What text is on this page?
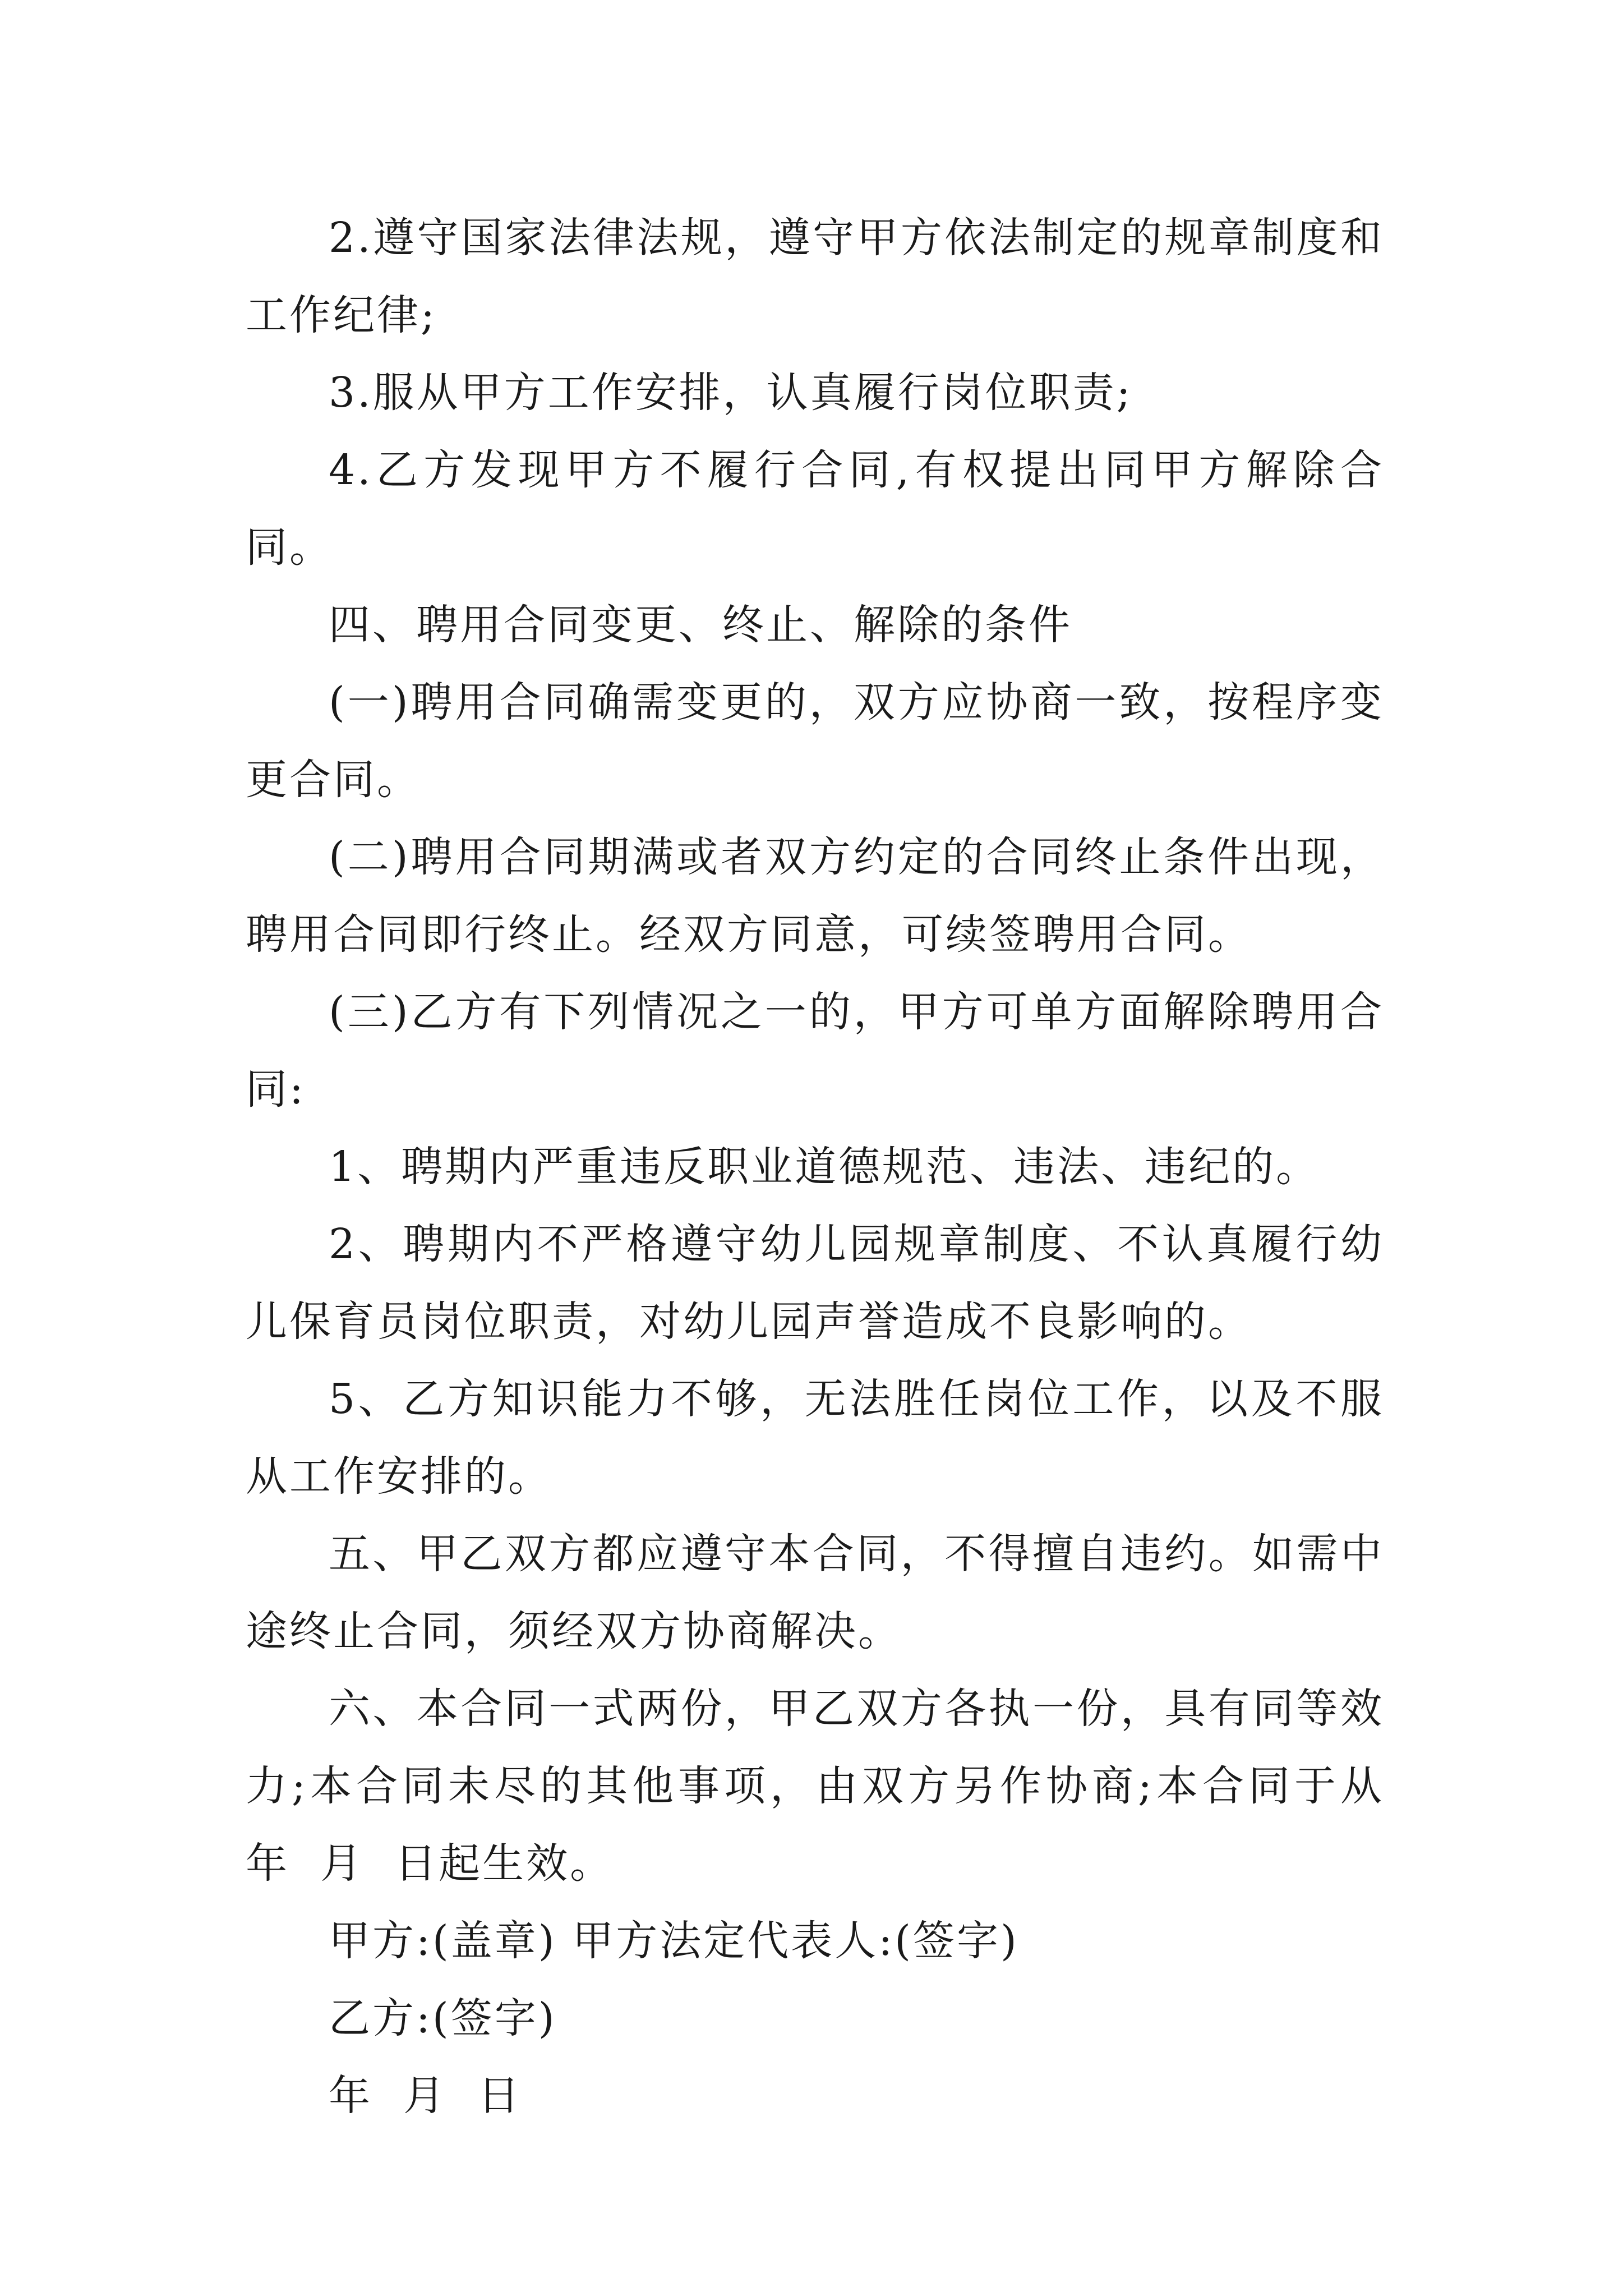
2.遵守国家法律法规，遵守甲方依法制定的规章制度和工作纪律;

3.服从甲方工作安排，认真履行岗位职责;

4.乙方发现甲方不履行合同,有权提出同甲方解除合同。

四、聘用合同变更、终止、解除的条件

(一)聘用合同确需变更的，双方应协商一致，按程序变更合同。

(二)聘用合同期满或者双方约定的合同终止条件出现，聘用合同即行终止。经双方同意，可续签聘用合同。

(三)乙方有下列情况之一的，甲方可单方面解除聘用合同:

1、聘期内严重违反职业道德规范、违法、违纪的。

2、聘期内不严格遵守幼儿园规章制度、不认真履行幼儿保育员岗位职责，对幼儿园声誉造成不良影响的。

5、乙方知识能力不够，无法胜任岗位工作，以及不服从工作安排的。

五、甲乙双方都应遵守本合同，不得擅自违约。如需中途终止合同，须经双方协商解决。

六、本合同一式两份，甲乙双方各执一份，具有同等效力;本合同未尽的其他事项，由双方另作协商;本合同于从 年  月  日起生效。

甲方:(盖章) 甲方法定代表人:(签字)

乙方:(签字)

年  月  日
